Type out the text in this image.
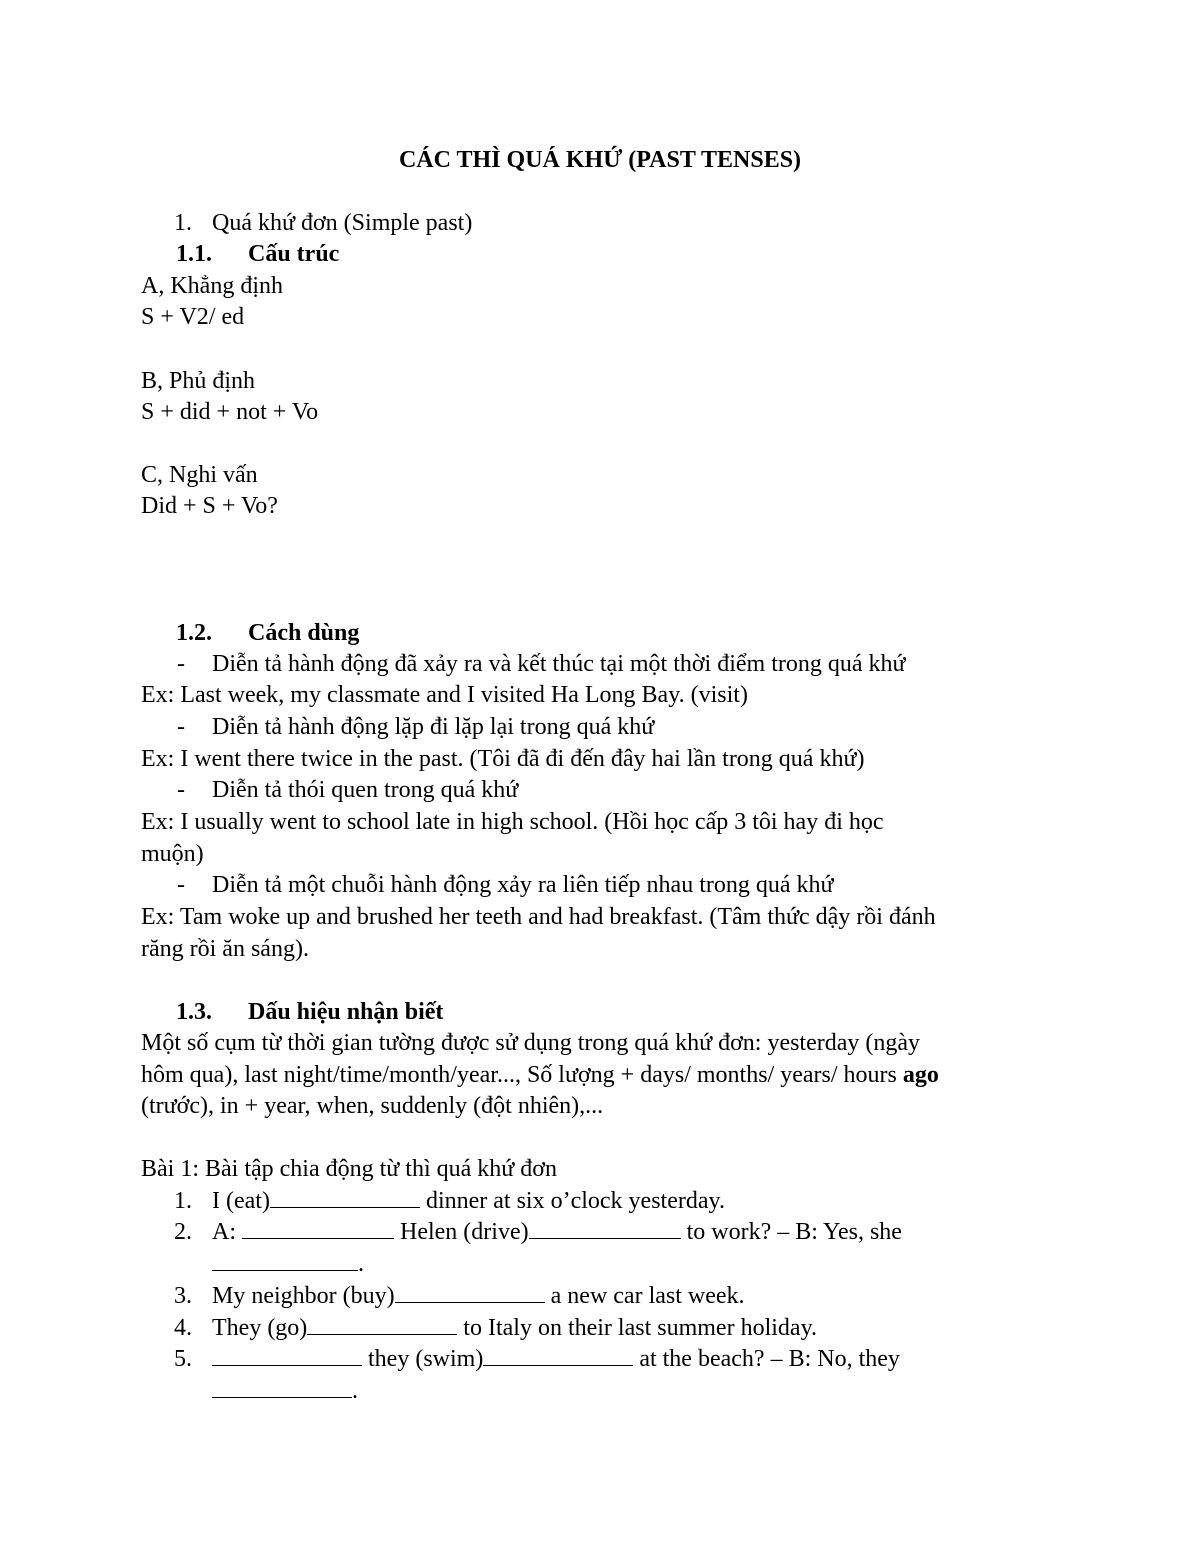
CÁC THÌ QUÁ KHỨ (PAST TENSES)
1. Quá khứ đơn (Simple past)
1.1. Cấu trúc
A, Khẳng định
S + V2/ ed
B, Phủ định
S + did + not + Vo
C, Nghi vấn
Did + S + Vo?
1.2. Cách dùng
- Diễn tả hành động đã xảy ra và kết thúc tại một thời điểm trong quá khứ
Ex: Last week, my classmate and I visited Ha Long Bay. (visit)
- Diễn tả hành động lặp đi lặp lại trong quá khứ
Ex: I went there twice in the past. (Tôi đã đi đến đây hai lần trong quá khứ)
- Diễn tả thói quen trong quá khứ
Ex: I usually went to school late in high school. (Hồi học cấp 3 tôi hay đi học
muộn)
- Diễn tả một chuỗi hành động xảy ra liên tiếp nhau trong quá khứ
Ex: Tam woke up and brushed her teeth and had breakfast. (Tâm thức dậy rồi đánh
răng rồi ăn sáng).
1.3. Dấu hiệu nhận biết
Một số cụm từ thời gian tường được sử dụng trong quá khứ đơn: yesterday (ngày
hôm qua), last night/time/month/year..., Số lượng + days/ months/ years/ hours ago
(trước), in + year, when, suddenly (đột nhiên),...
Bài 1: Bài tập chia động từ thì quá khứ đơn
1. I (eat)	dinner at six o’clock yesterday.
2. A:	Helen (drive)	to work? – B: Yes, she
.
3. My neighbor (buy)	a new car last week.
4. They (go)	to Italy on their last summer holiday.
5.	they (swim)	at the beach? – B: No, they
.
